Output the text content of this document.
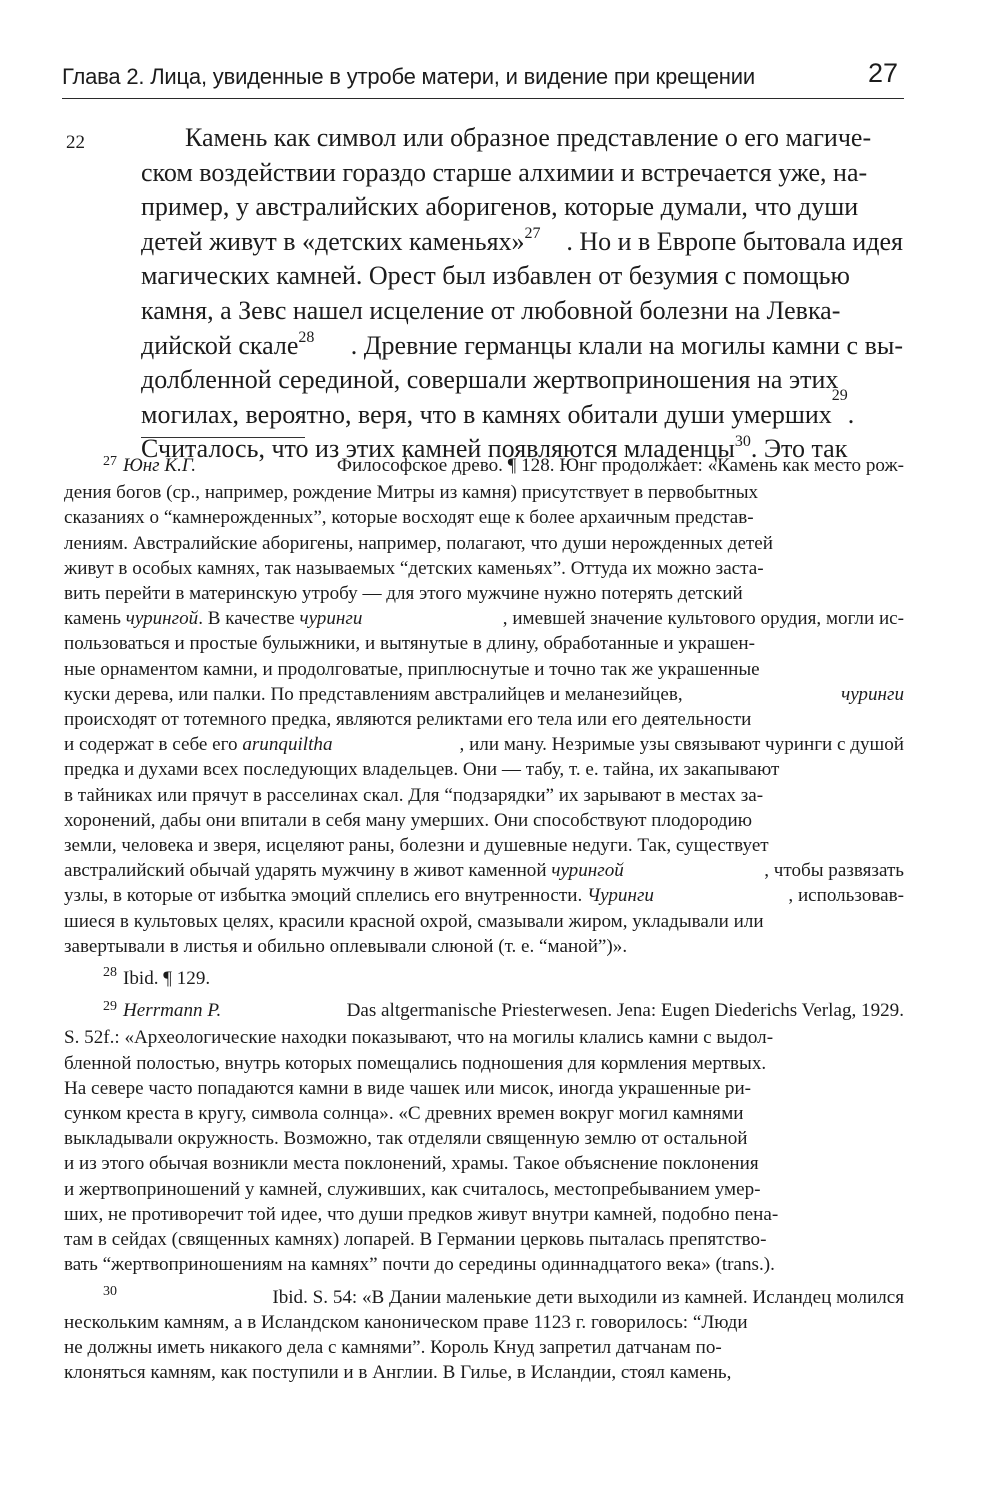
Глава 2. Лица, увиденные в утробе матери, и видение при крещении	27
22	Камень как символ или образное представление о его магиче-
ском воздействии гораздо старше алхимии и встречается уже, на-
пример, у австралийских аборигенов, которые думали, что души
детей живут в «детских каменьях»$^{27}$ . Но и в Европе бытовала идея
магических камней. Орест был избавлен от безумия с помощью
камня, а Зевс нашел исцеление от любовной болезни на Левка-
дийской скале$^{28}$ . Древние германцы клали на могилы камни с вы-
долбленной серединой, совершали жертвоприношения на этих
могилах, вероятно, веря, что в камнях обитали души умерших
$^{29}$
.
Считалось, что из этих камней появляются младенцы$^{30}$. Это так
$^{27}$ Юнг К.Г.	Философское древо. ¶ 128. Юнг продолжает: «Камень как место рож-
дения богов (ср., например, рождение Митры из камня) присутствует в первобытных
сказаниях о “камнерожденных”, которые восходят еще к более архаичным представ-
лениям. Австралийские аборигены, например, полагают, что души нерожденных детей
живут в особых камнях, так называемых “детских каменьях”. Оттуда их можно заста-
вить перейти в материнскую утробу — для этого мужчине нужно потерять детский
камень чурингой. В качестве чуринги	, имевшей значение культового орудия, могли ис-
пользоваться и простые булыжники, и вытянутые в длину, обработанные и украшен-
ные орнаментом камни, и продолговатые, приплюснутые и точно так же украшенные
куски дерева, или палки. По представлениям австралийцев и меланезийцев,	чуринги
происходят от тотемного предка, являются реликтами его тела или его деятельности
и содержат в себе его arunquiltha	, или ману. Незримые узы связывают чуринги с душой
предка и духами всех последующих владельцев. Они — табу, т. е. тайна, их закапывают
в тайниках или прячут в расселинах скал. Для “подзарядки” их зарывают в местах за-
хоронений, дабы они впитали в себя ману умерших. Они способствуют плодородию
земли, человека и зверя, исцеляют раны, болезни и душевные недуги. Так, существует
австралийский обычай ударять мужчину в живот каменной чурингой	, чтобы развязать
узлы, в которые от избытка эмоций сплелись его внутренности. Чуринги	, использовав-
шиеся в культовых целях, красили красной охрой, смазывали жиром, укладывали или
завертывали в листья и обильно оплевывали слюной (т. е. “маной”)».
28 Ibid. ¶ 129.
$^{29}$ Herrmann P.	Das altgermanische Priesterwesen. Jena: Eugen Diederichs Verlag, 1929.
S. 52f.: «Археологические находки показывают, что на могилы клались камни с выдол-
бленной полостью, внутрь которых помещались подношения для кормления мертвых.
На севере часто попадаются камни в виде чашек или мисок, иногда украшенные ри-
сунком креста в кругу, символа солнца». «С древних времен вокруг могил камнями
выкладывали окружность. Возможно, так отделяли священную землю от остальной
и из этого обычая возникли места поклонений, храмы. Такое объяснение поклонения
и жертвоприношений у камней, служивших, как считалось, местопребыванием умер-
ших, не противоречит той идее, что души предков живут внутри камней, подобно пена-
там в сейдах (священных камнях) лопарей. В Германии церковь пыталась препятство-
вать “жертвоприношениям на камнях” почти до середины одиннадцатого века» (trans.).
30	Ibid. S. 54: «В Дании маленькие дети выходили из камней. Исландец молился
нескольким камням, а в Исландском каноническом праве 1123 г. говорилось: “Люди
не должны иметь никакого дела с камнями”. Король Кнуд запретил датчанам по-
клоняться камням, как поступили и в Англии. В Гилье, в Исландии, стоял камень,
